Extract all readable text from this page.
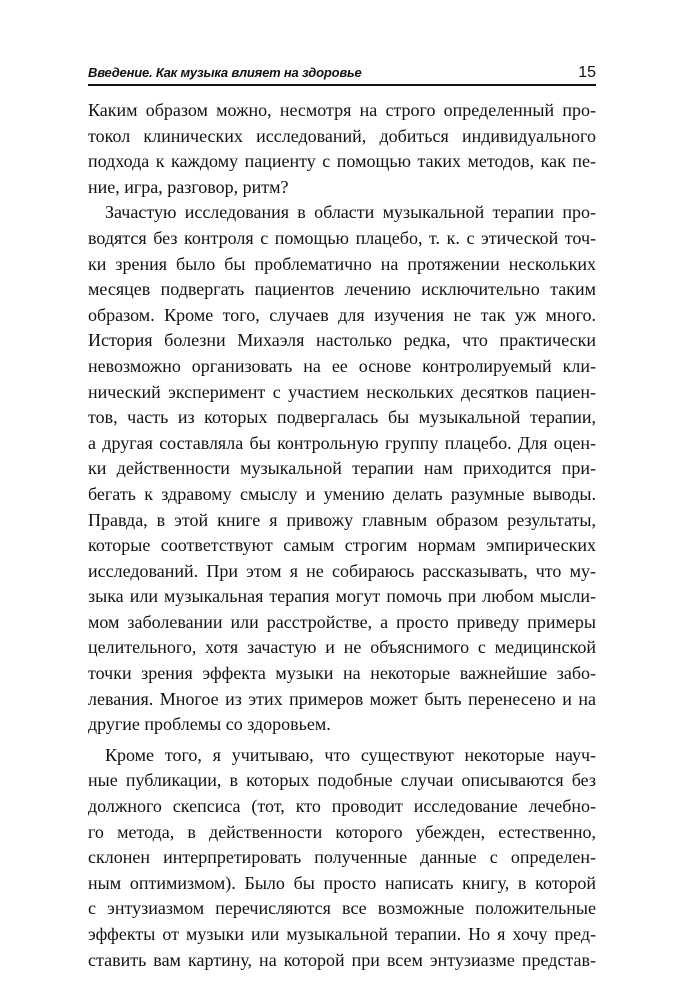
Введение. Как музыка влияет на здоровье	15
Каким образом можно, несмотря на строго определенный про-
токол клинических исследований, добиться индивидуального
подхода к каждому пациенту с помощью таких методов, как пе-
ние, игра, разговор, ритм?
Зачастую исследования в области музыкальной терапии про-
водятся без контроля с помощью плацебо, т. к. с этической точ-
ки зрения было бы проблематично на протяжении нескольких
месяцев подвергать пациентов лечению исключительно таким
образом. Кроме того, случаев для изучения не так уж много.
История болезни Михаэля настолько редка, что практически
невозможно организовать на ее основе контролируемый кли-
нический эксперимент с участием нескольких десятков пациен-
тов, часть из которых подвергалась бы музыкальной терапии,
а другая составляла бы контрольную группу плацебо. Для оцен-
ки действенности музыкальной терапии нам приходится при-
бегать к здравому смыслу и умению делать разумные выводы.
Правда, в этой книге я привожу главным образом результаты,
которые соответствуют самым строгим нормам эмпирических
исследований. При этом я не собираюсь рассказывать, что му-
зыка или музыкальная терапия могут помочь при любом мысли-
мом заболевании или расстройстве, а просто приведу примеры
целительного, хотя зачастую и не объяснимого с медицинской
точки зрения эффекта музыки на некоторые важнейшие забо-
левания. Многое из этих примеров может быть перенесено и на
другие проблемы со здоровьем.
Кроме того, я учитываю, что существуют некоторые науч-
ные публикации, в которых подобные случаи описываются без
должного скепсиса (тот, кто проводит исследование лечебно-
го метода, в действенности которого убежден, естественно,
склонен интерпретировать полученные данные с определен-
ным оптимизмом). Было бы просто написать книгу, в которой
с энтузиазмом перечисляются все возможные положительные
эффекты от музыки или музыкальной терапии. Но я хочу пред-
ставить вам картину, на которой при всем энтузиазме представ-
